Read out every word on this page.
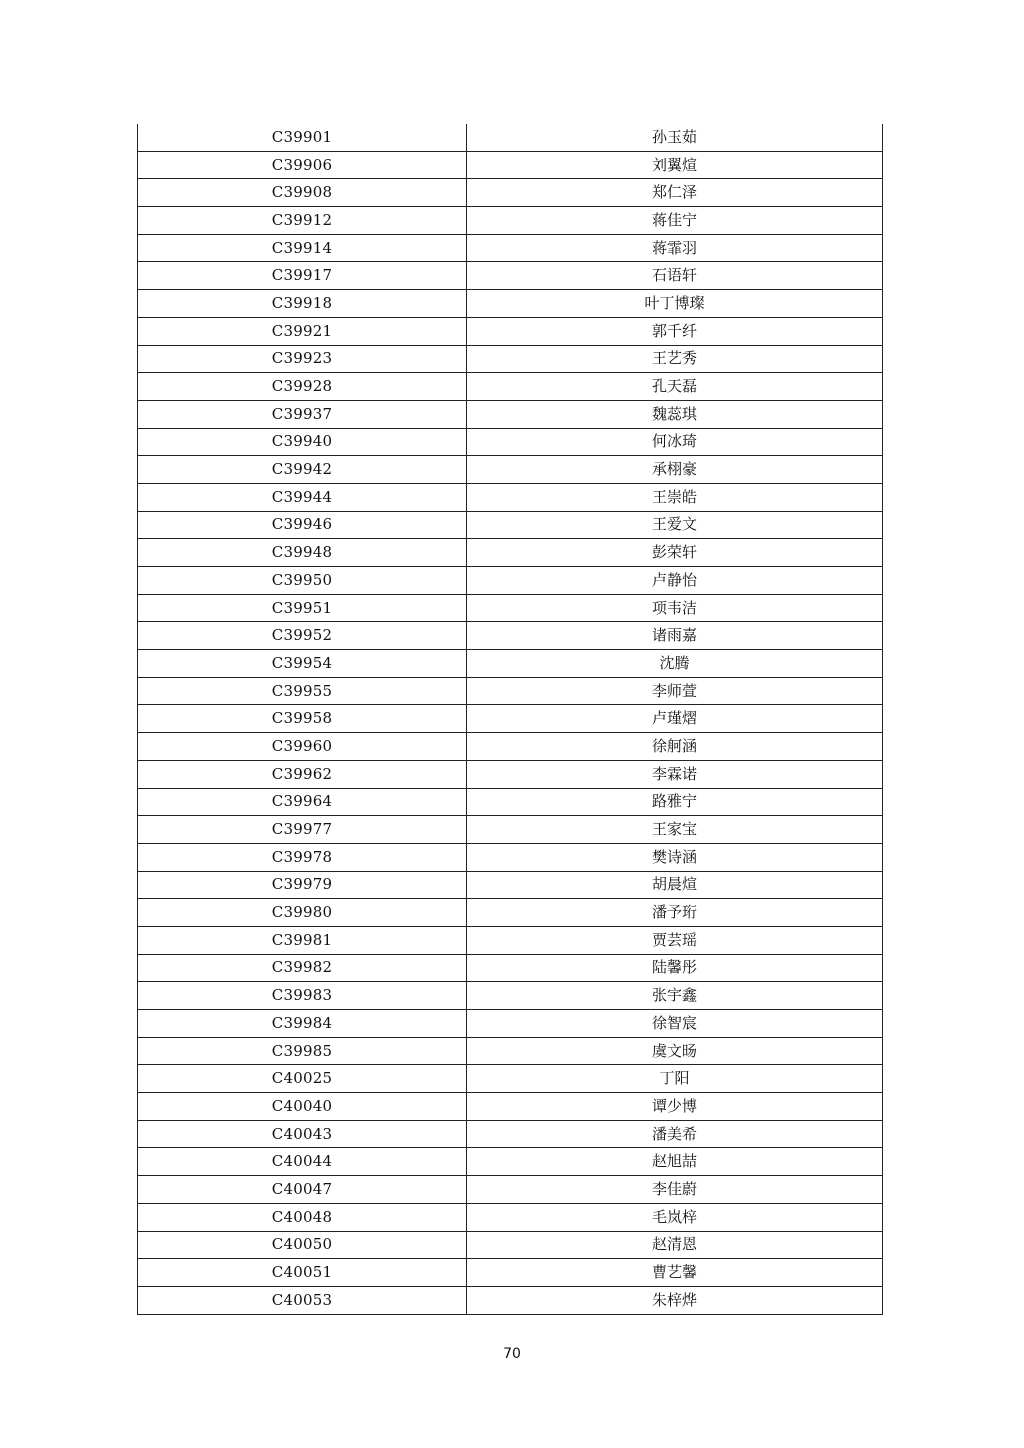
C39901	孙玉茹
C39906	刘翼煊
C39908	郑仁泽
C39912	蒋佳宁
C39914	蒋霏羽
C39917	石语轩
C39918	叶丁博璨
C39921	郭千纤
C39923	王艺秀
C39928	孔天磊
C39937	魏蕊琪
C39940	何冰琦
C39942	承栩豪
C39944	王崇皓
C39946	王爱文
C39948	彭荣轩
C39950	卢静怡
C39951	项韦洁
C39952	诸雨嘉
C39954	沈腾
C39955	李师萱
C39958	卢瑾熠
C39960	徐舸涵
C39962	李霖诺
C39964	路雅宁
C39977	王家宝
C39978	樊诗涵
C39979	胡晨煊
C39980	潘予珩
C39981	贾芸瑶
C39982	陆馨彤
C39983	张宇鑫
C39984	徐智宸
C39985	虞文旸
C40025	丁阳
C40040	谭少博
C40043	潘美希
C40044	赵旭喆
C40047	李佳蔚
C40048	毛岚梓
C40050	赵清恩
C40051	曹艺馨
C40053	朱梓烨
70
